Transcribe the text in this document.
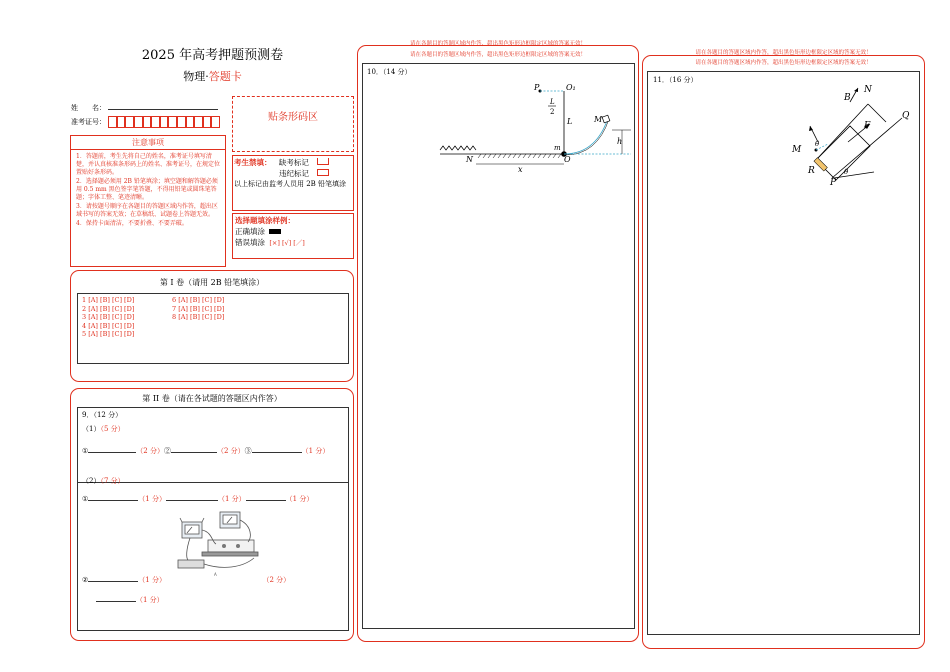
2025 年高考押题预测卷
物理·答题卡
姓　　名：
准考证号：	贴条形码区
注意事项

1．答题前，考生先将自己的姓名，准考证号填写清楚，并认真核准条形码上的姓名、准考证号，在规定位置贴好条形码。

2．选择题必须用 2B 铅笔填涂；填空题和解答题必须用 0.5 mm 黑色签字笔答题，不得用铅笔或圆珠笔答题；字体工整、笔迹清晰。

3．请按题号顺序在各题目的答题区域内作答，超出区域书写的答案无效；在草稿纸、试题卷上答题无效。

4．保持卡面清洁，不要折叠、不要弄破。

考生禁填： 缺考标记
违纪标记
以上标记由监考人员用 2B 铅笔填涂
选择题填涂样例：
正确填涂
错误填涂 [×] [√] [／]
第 I 卷（请用 2B 铅笔填涂）
1 [A] [B] [C] [D]
2 [A] [B] [C] [D]
3 [A] [B] [C] [D]
4 [A] [B] [C] [D]
5 [A] [B] [C] [D]
6 [A] [B] [C] [D]
7 [A] [B] [C] [D]
8 [A] [B] [C] [D]
第 II 卷（请在各试题的答题区内作答）
9．（12 分）
（1）（5 分）
①	（2 分）②	（2 分）③	（1 分）
（2）（7 分）
①	（1 分）	（1 分）	（1 分）
A
②	（1 分）	（2 分）
（1 分）
请在各题目的答题区域内作答，超出黑色矩形边框限定区域的答案无效！
请在各题目的答题区域内作答，超出黑色矩形边框限定区域的答案无效！
10．（14 分）
P	O₁
L
2
L
m
N	O
x
M
h
请在各题目的答题区域内作答，超出黑色矩形边框限定区域的答案无效！
请在各题目的答题区域内作答，超出黑色矩形边框限定区域的答案无效！
11．（16 分）
Q
R
B
N
F
M
θ
P
θ
